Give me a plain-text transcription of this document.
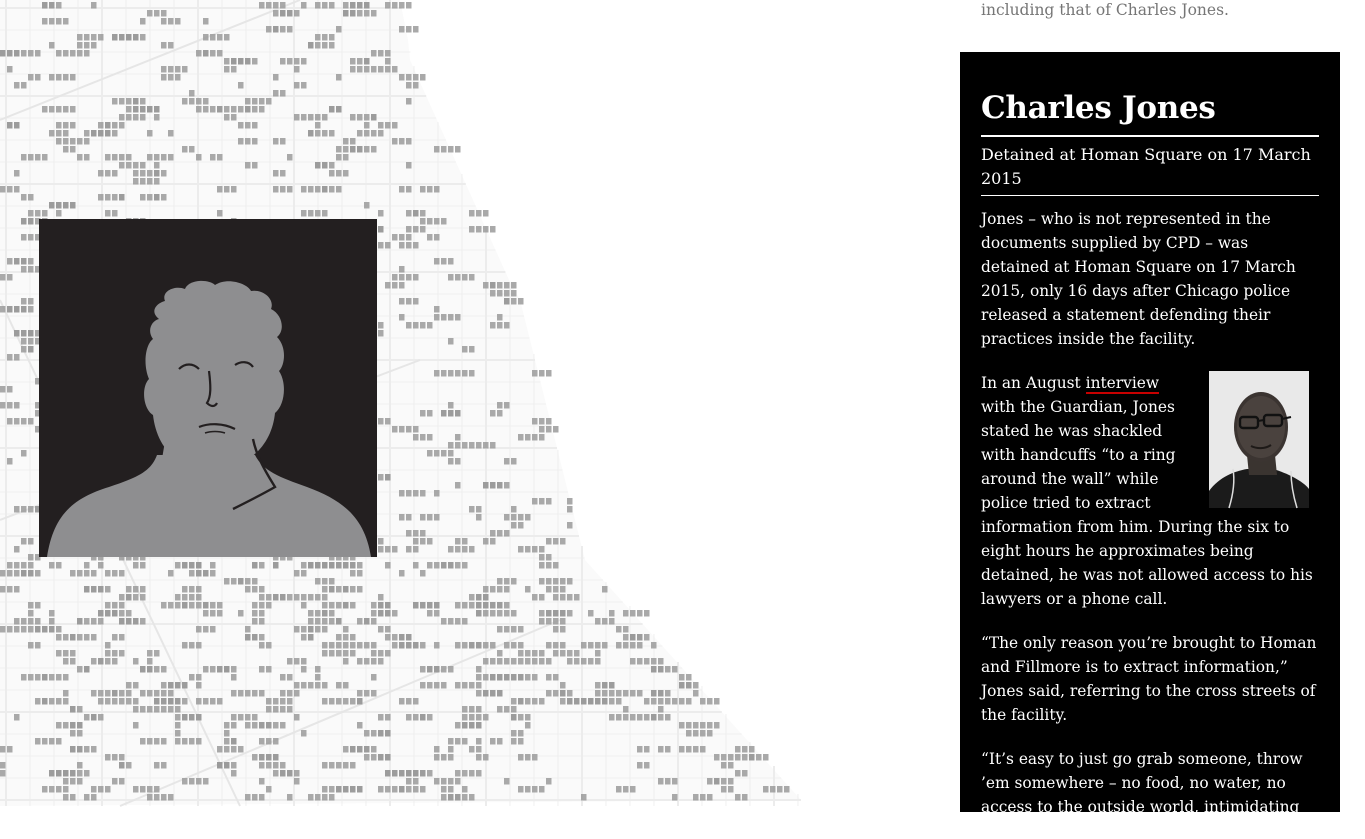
including that of Charles Jones.
Charles Jones

Detained at Homan Square on 17 March 2015

Jones – who is not represented in the documents supplied by CPD – was detained at Homan Square on 17 March 2015, only 16 days after Chicago police released a statement defending their practices inside the facility.

In an August interview with the Guardian, Jones stated he was shackled with handcuffs “to a ring around the wall” while police tried to extract information from him. During the six to eight hours he approximates being detained, he was not allowed access to his lawyers or a phone call.

“The only reason you’re brought to Homan and Fillmore is to extract information,” Jones said, referring to the cross streets of the facility.

“It’s easy to just go grab someone, throw ’em somewhere – no food, no water, no access to the outside world, intimidating
